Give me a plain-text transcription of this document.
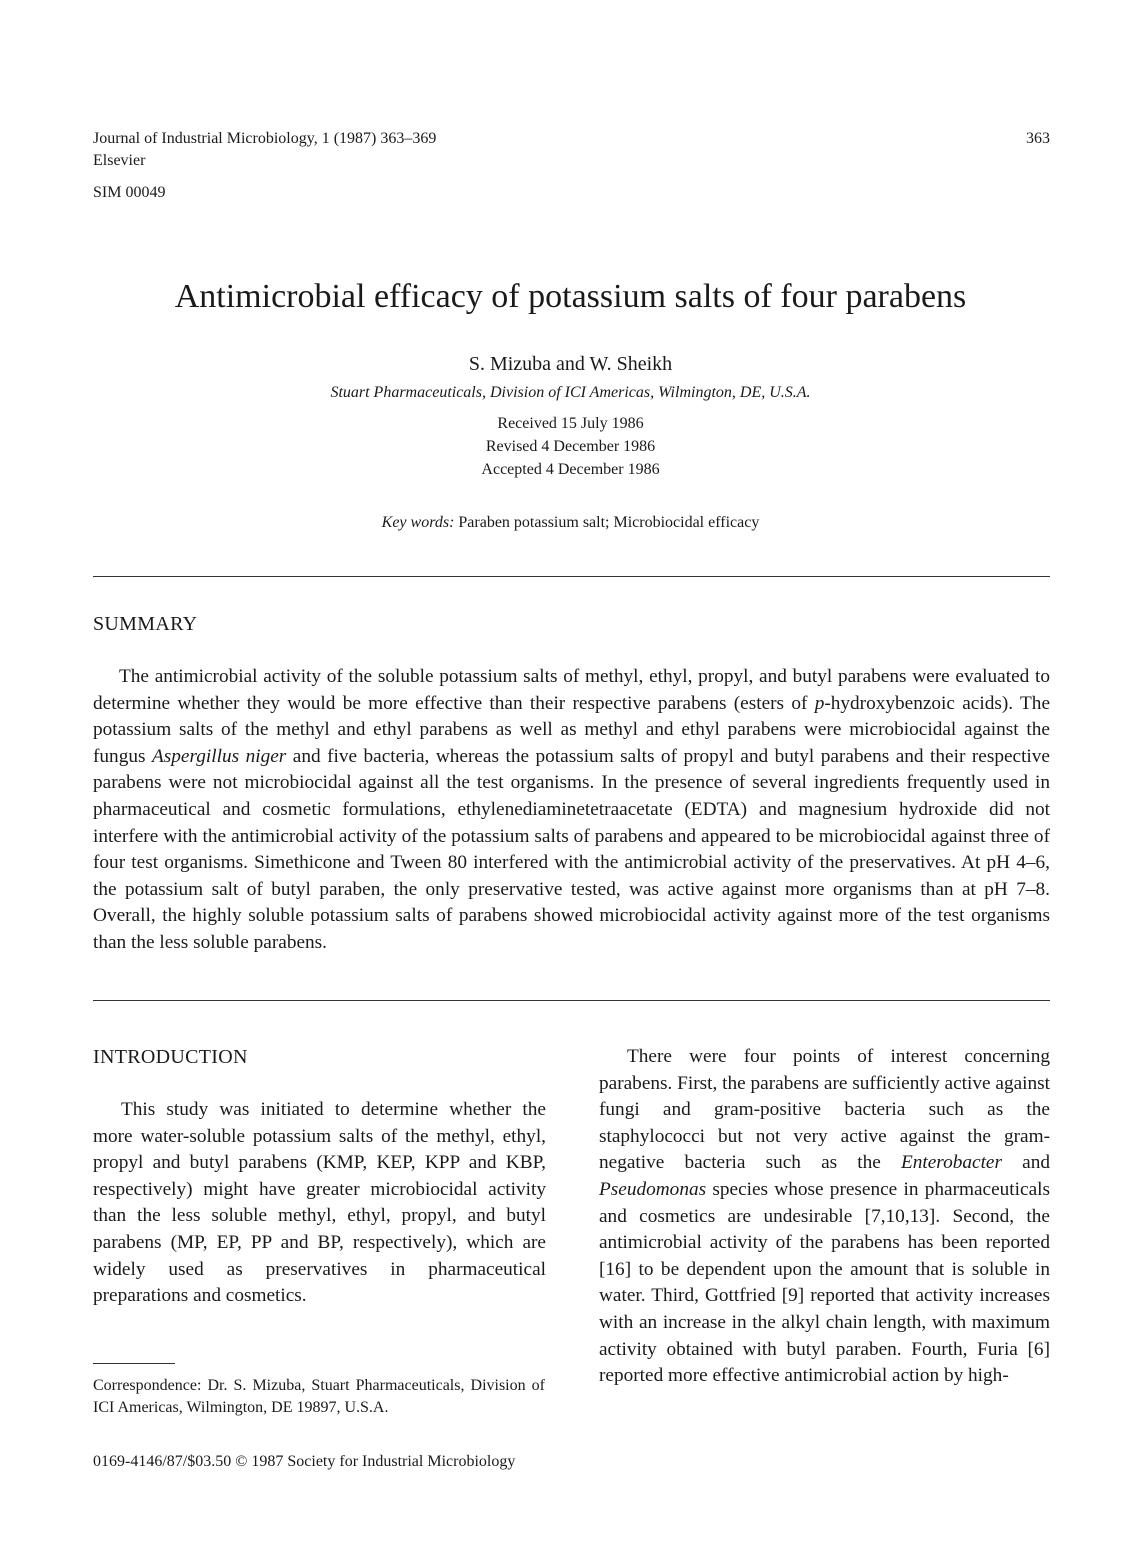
Journal of Industrial Microbiology, 1 (1987) 363–369
Elsevier
SIM 00049
363
Antimicrobial efficacy of potassium salts of four parabens
S. Mizuba and W. Sheikh
Stuart Pharmaceuticals, Division of ICI Americas, Wilmington, DE, U.S.A.
Received 15 July 1986
Revised 4 December 1986
Accepted 4 December 1986
Key words: Paraben potassium salt; Microbiocidal efficacy
SUMMARY

The antimicrobial activity of the soluble potassium salts of methyl, ethyl, propyl, and butyl parabens were evaluated to determine whether they would be more effective than their respective parabens (esters of p-hydroxybenzoic acids). The potassium salts of the methyl and ethyl parabens as well as methyl and ethyl parabens were microbiocidal against the fungus Aspergillus niger and five bacteria, whereas the potassium salts of propyl and butyl parabens and their respective parabens were not microbiocidal against all the test organisms. In the presence of several ingredients frequently used in pharmaceutical and cosmetic formulations, ethylenediaminetetraacetate (EDTA) and magnesium hydroxide did not interfere with the antimicrobial activity of the potassium salts of parabens and appeared to be microbiocidal against three of four test organisms. Simethicone and Tween 80 interfered with the antimicrobial activity of the preservatives. At pH 4–6, the potassium salt of butyl paraben, the only preservative tested, was active against more organisms than at pH 7–8. Overall, the highly soluble potassium salts of parabens showed microbiocidal activity against more of the test organisms than the less soluble parabens.

INTRODUCTION

This study was initiated to determine whether the more water-soluble potassium salts of the methyl, ethyl, propyl and butyl parabens (KMP, KEP, KPP and KBP, respectively) might have greater microbiocidal activity than the less soluble methyl, ethyl, propyl, and butyl parabens (MP, EP, PP and BP, respectively), which are widely used as preservatives in pharmaceutical preparations and cosmetics.

There were four points of interest concerning parabens. First, the parabens are sufficiently active against fungi and gram-positive bacteria such as the staphylococci but not very active against the gram-negative bacteria such as the Enterobacter and Pseudomonas species whose presence in pharmaceuticals and cosmetics are undesirable [7,10,13]. Second, the antimicrobial activity of the parabens has been reported [16] to be dependent upon the amount that is soluble in water. Third, Gottfried [9] reported that activity increases with an increase in the alkyl chain length, with maximum activity obtained with butyl paraben. Fourth, Furia [6] reported more effective antimicrobial action by high-

Correspondence: Dr. S. Mizuba, Stuart Pharmaceuticals, Division of ICI Americas, Wilmington, DE 19897, U.S.A.
0169-4146/87/$03.50 © 1987 Society for Industrial Microbiology
